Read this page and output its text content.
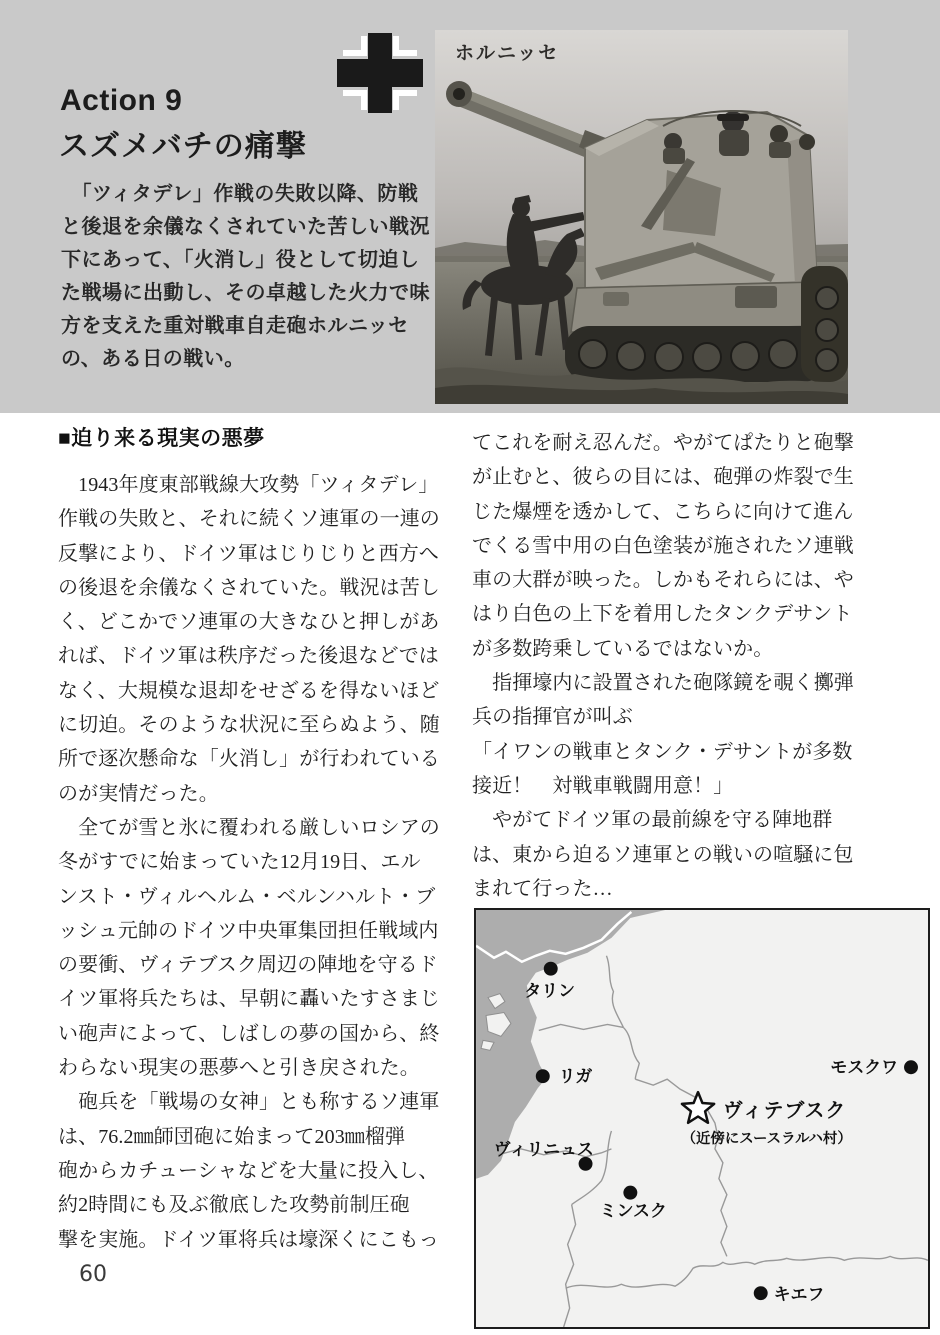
Action 9
スズメバチの痛撃
　「ツィタデレ」作戦の失敗以降、防戦
と後退を余儀なくされていた苦しい戦況
下にあって、「火消し」役として切迫し
た戦場に出動し、その卓越した火力で味
方を支えた重対戦車自走砲ホルニッセ
の、ある日の戦い。
ホルニッセ
■迫り来る現実の悪夢
　1943年度東部戦線大攻勢「ツィタデレ」
作戦の失敗と、それに続くソ連軍の一連の
反撃により、ドイツ軍はじりじりと西方へ
の後退を余儀なくされていた。戦況は苦し
く、どこかでソ連軍の大きなひと押しがあ
れば、ドイツ軍は秩序だった後退などでは
なく、大規模な退却をせざるを得ないほど
に切迫。そのような状況に至らぬよう、随
所で逐次懸命な「火消し」が行われている
のが実情だった。
　全てが雪と氷に覆われる厳しいロシアの
冬がすでに始まっていた12月19日、エル
ンスト・ヴィルヘルム・ベルンハルト・ブ
ッシュ元帥のドイツ中央軍集団担任戦域内
の要衝、ヴィテブスク周辺の陣地を守るド
イツ軍将兵たちは、早朝に轟いたすさまじ
い砲声によって、しばしの夢の国から、終
わらない現実の悪夢へと引き戻された。
　砲兵を「戦場の女神」とも称するソ連軍
は、76.2㎜師団砲に始まって203㎜榴弾
砲からカチューシャなどを大量に投入し、
約2時間にも及ぶ徹底した攻勢前制圧砲
撃を実施。ドイツ軍将兵は壕深くにこもっ
てこれを耐え忍んだ。やがてぱたりと砲撃
が止むと、彼らの目には、砲弾の炸裂で生
じた爆煙を透かして、こちらに向けて進ん
でくる雪中用の白色塗装が施されたソ連戦
車の大群が映った。しかもそれらには、や
はり白色の上下を着用したタンクデサント
が多数跨乗しているではないか。
　指揮壕内に設置された砲隊鏡を覗く擲弾
兵の指揮官が叫ぶ
「イワンの戦車とタンク・デサントが多数
接近！　対戦車戦闘用意！」
　やがてドイツ軍の最前線を守る陣地群
は、東から迫るソ連軍との戦いの喧騒に包
まれて行った…
タリン
リガ	モスクワ
ヴィリニュス
ミンスク
キエフ
ヴィテブスク
（近傍にスースラルハ村）
60
